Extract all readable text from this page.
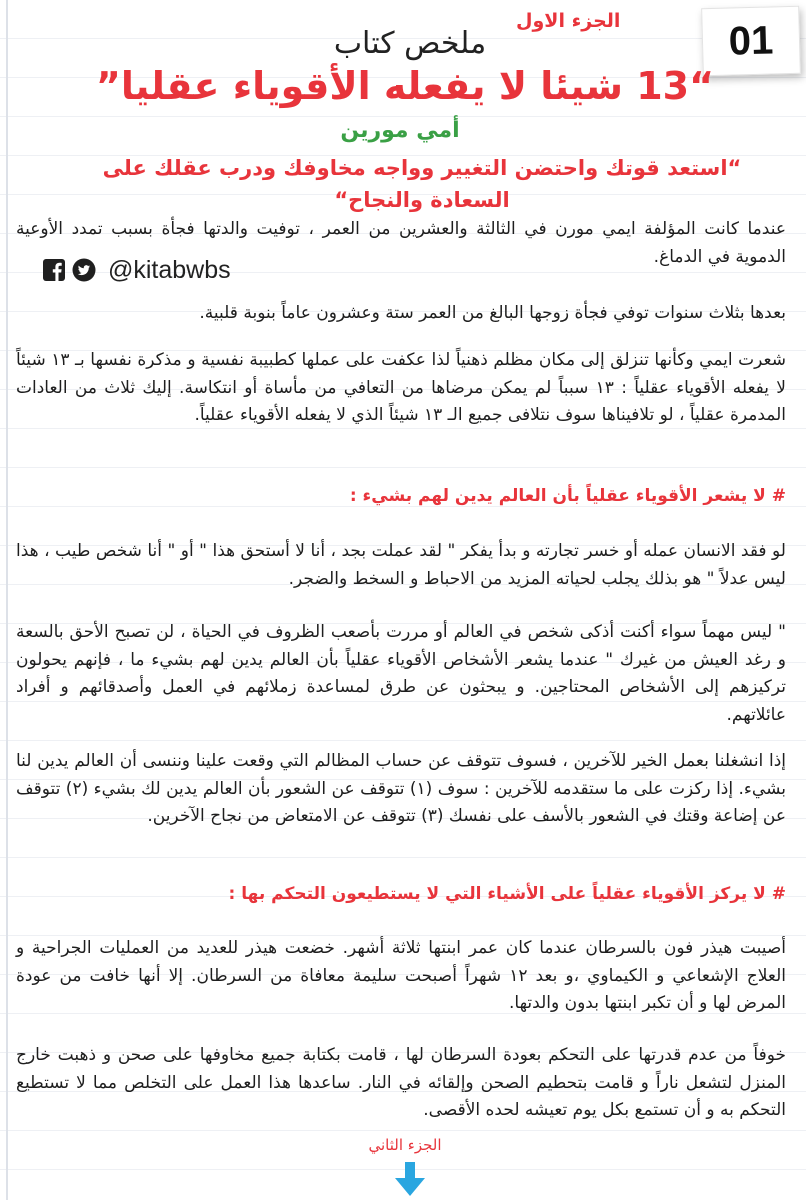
01
الجزء الاول
ملخص كتاب
“13 شيئا لا يفعله الأقوياء عقليا”
أمي مورين
“استعد قوتك واحتضن التغيير وواجه مخاوفك ودرب عقلك على السعادة والنجاح“
عندما كانت المؤلفة ايمي مورن في الثالثة والعشرين من العمر ، توفيت والدتها فجأة بسبب تمدد الأوعية الدموية في الدماغ.
@kitabwbs
بعدها بثلاث سنوات توفي فجأة زوجها البالغ من العمر ستة وعشرون عاماً بنوبة قلبية.
شعرت ايمي وكأنها تنزلق إلى مكان مظلم ذهنياً لذا عكفت على عملها كطبيبة نفسية و مذكرة نفسها بـ ١٣ شيئاً لا يفعله الأقوياء عقلياً : ١٣ سبباً لم يمكن مرضاها من التعافي من مأساة أو انتكاسة. إليك ثلاث من العادات المدمرة عقلياً ، لو تلافيناها سوف نتلافى جميع الـ ١٣ شيئاً الذي لا يفعله الأقوياء عقلياً.
# لا يشعر الأقوياء عقلياً بأن العالم يدين لهم بشيء :
لو فقد الانسان عمله أو خسر تجارته و بدأ يفكر " لقد عملت بجد ، أنا لا أستحق هذا " أو " أنا شخص طيب ، هذا ليس عدلاً " هو بذلك يجلب لحياته المزيد من الاحباط و السخط والضجر.
" ليس مهماً سواء أكنت أذكى شخص في العالم أو مررت بأصعب الظروف في الحياة ، لن تصبح الأحق بالسعة و رغد العيش من غيرك " عندما يشعر الأشخاص الأقوياء عقلياً بأن العالم يدين لهم بشيء ما ، فإنهم يحولون تركيزهم إلى الأشخاص المحتاجين. و يبحثون عن طرق لمساعدة زملائهم في العمل وأصدقائهم و أفراد عائلاتهم.
إذا انشغلنا بعمل الخير للآخرين ، فسوف تتوقف عن حساب المظالم التي وقعت علينا وننسى أن العالم يدين لنا بشيء. إذا ركزت على ما ستقدمه للآخرين : سوف (١) تتوقف عن الشعور بأن العالم يدين لك بشيء (٢) تتوقف عن إضاعة وقتك في الشعور بالأسف على نفسك (٣) تتوقف عن الامتعاض من نجاح الآخرين.
# لا يركز الأقوياء عقلياً على الأشياء التي لا يستطيعون التحكم بها :
أصيبت هيذر فون بالسرطان عندما كان عمر ابنتها ثلاثة أشهر. خضعت هيذر للعديد من العمليات الجراحية و العلاج الإشعاعي و الكيماوي ،و بعد ١٢ شهراً أصبحت سليمة معافاة من السرطان. إلا أنها خافت من عودة المرض لها و أن تكبر ابنتها بدون والدتها.
خوفاً من عدم قدرتها على التحكم بعودة السرطان لها ، قامت بكتابة جميع مخاوفها على صحن و ذهبت خارج المنزل لتشعل ناراً و قامت بتحطيم الصحن وإلقائه في النار. ساعدها هذا العمل على التخلص مما لا تستطيع التحكم به و أن تستمع بكل يوم تعيشه لحده الأقصى.
الجزء الثاني
